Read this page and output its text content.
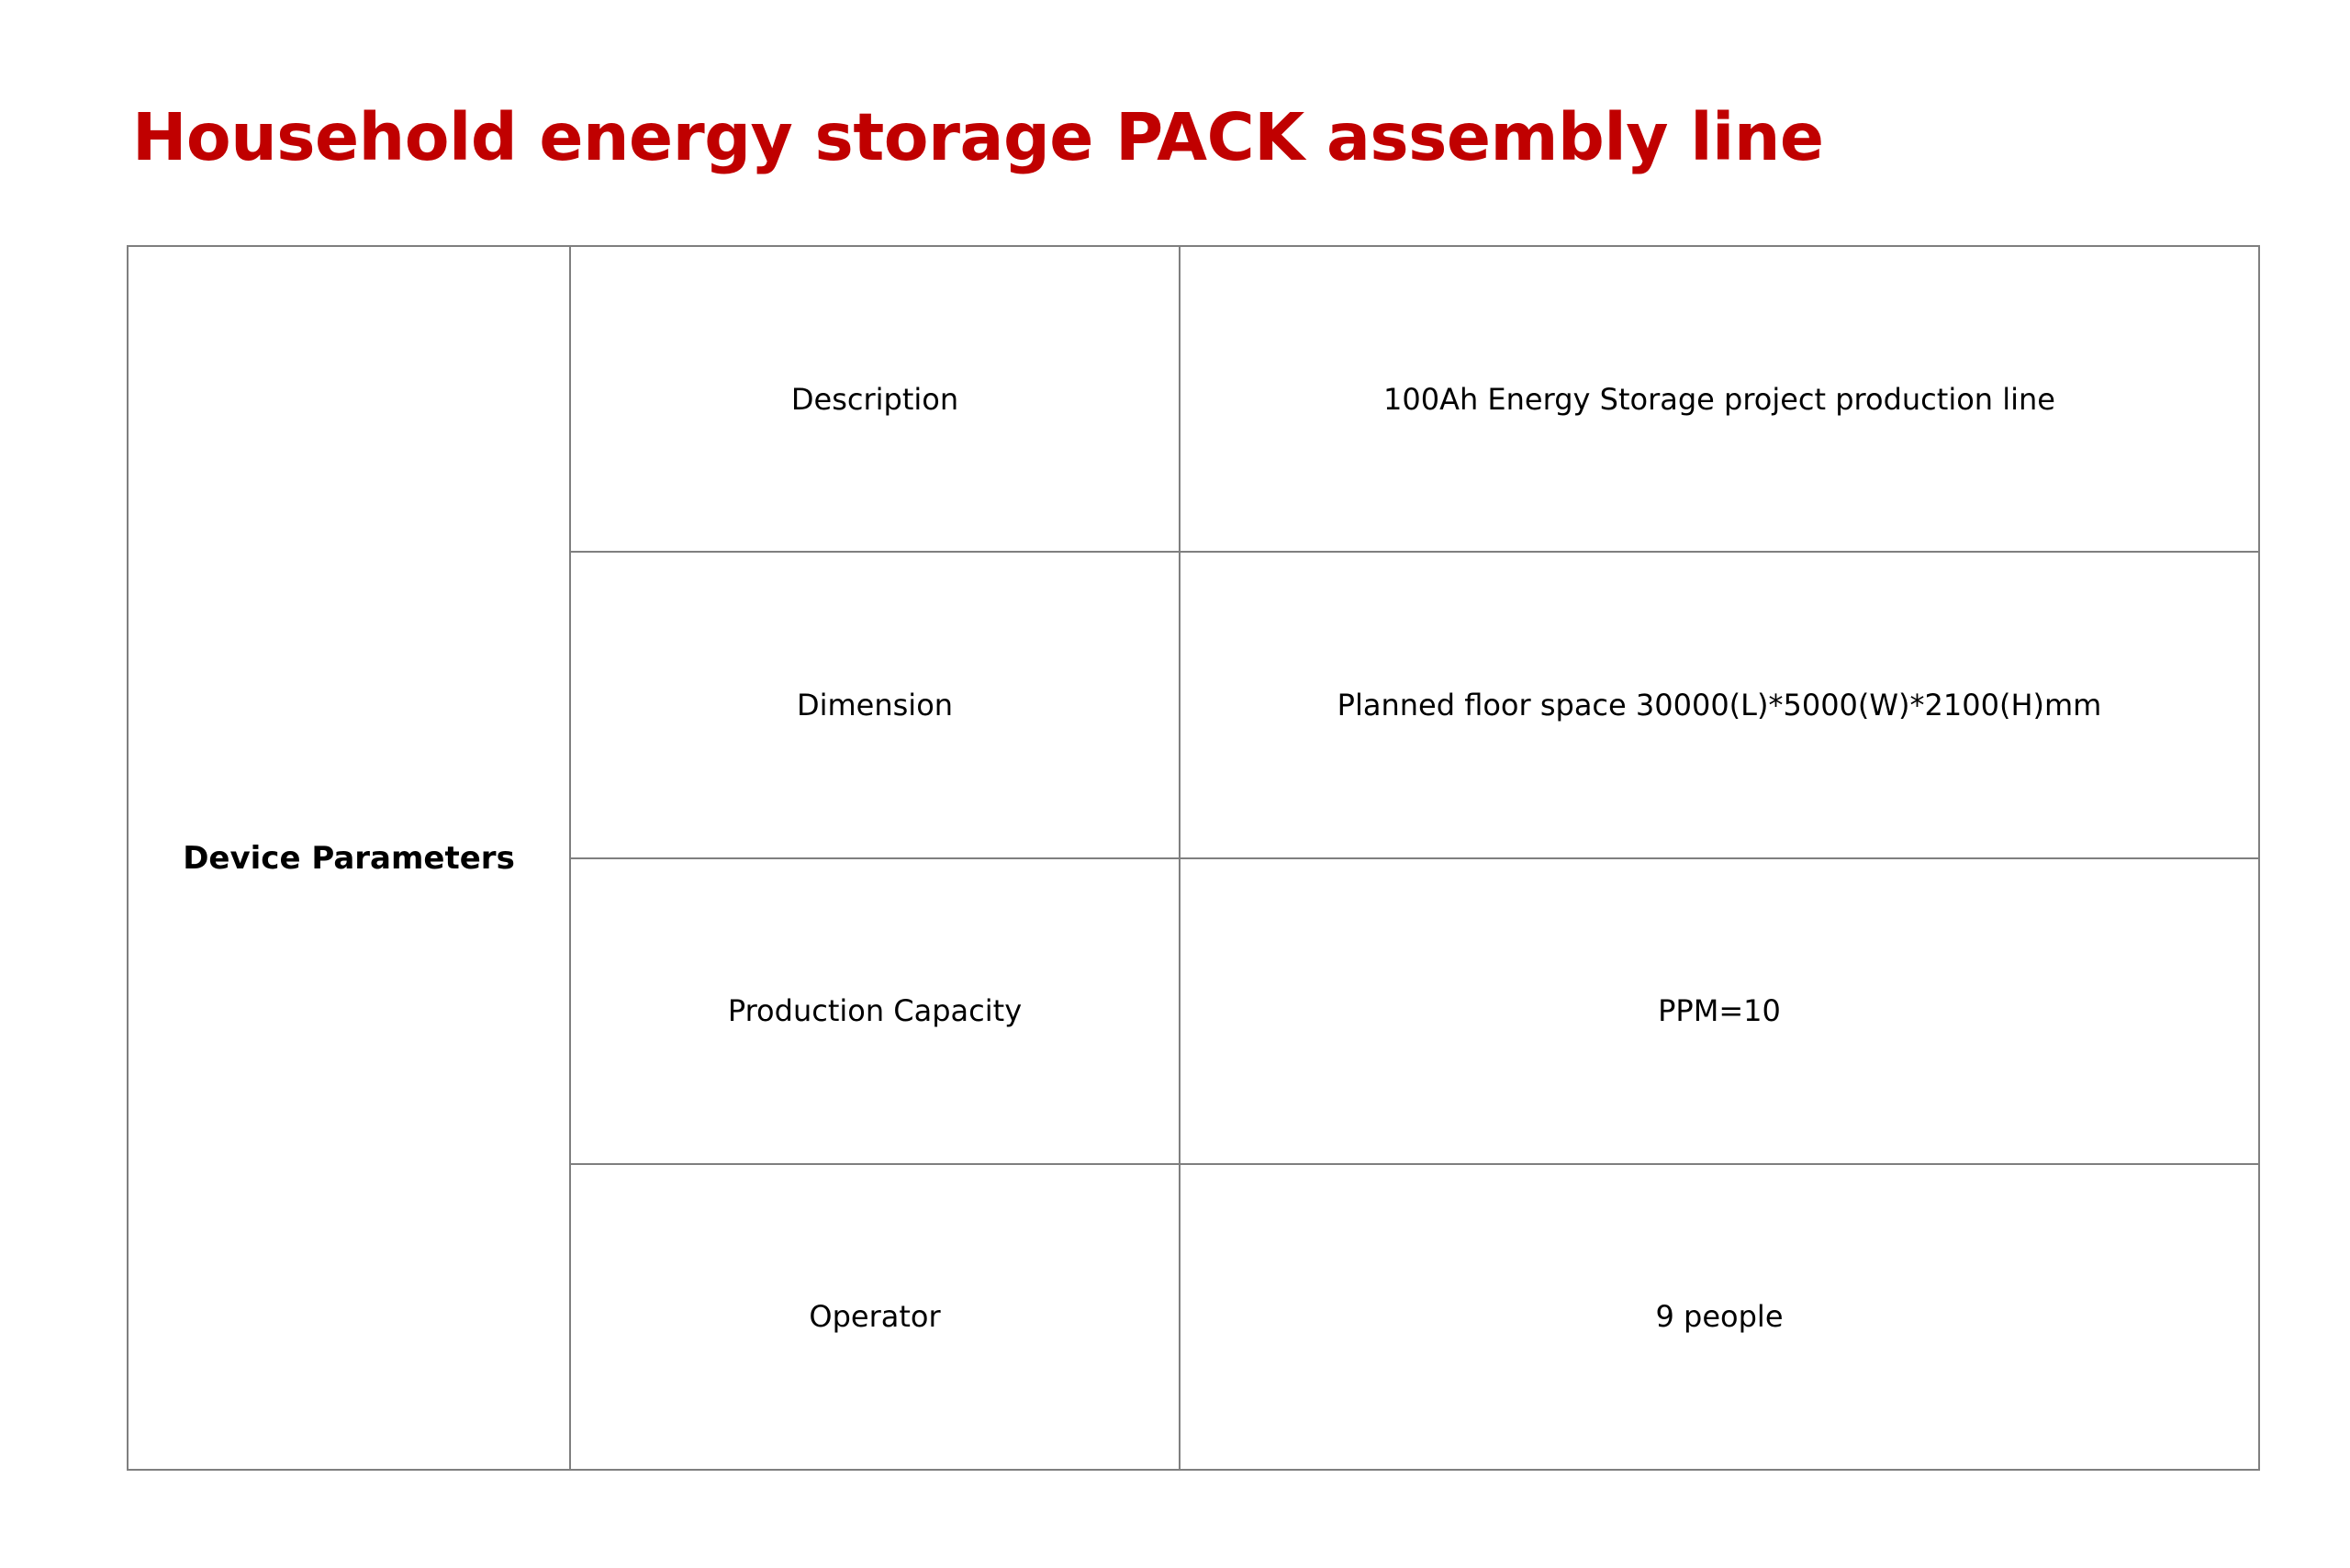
Household energy storage PACK assembly line
Device Parameters	Description	100Ah Energy Storage project production line
	Dimension	Planned floor space 30000(L)*5000(W)*2100(H)mm
	Production Capacity	PPM=10
	Operator	9 people
